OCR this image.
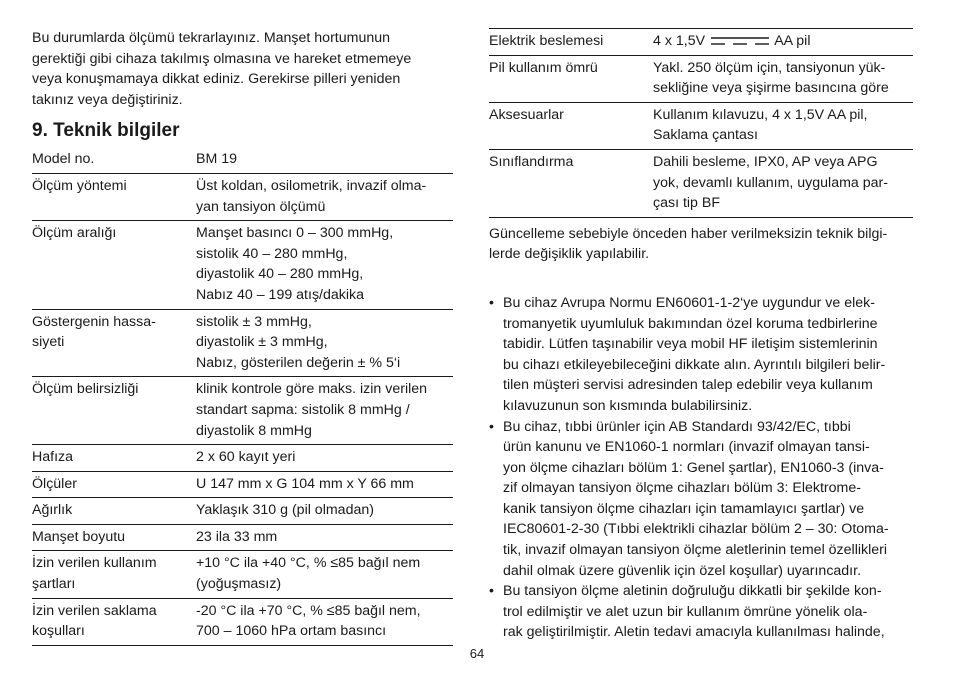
Bu durumlarda ölçümü tekrarlayınız. Manşet hortumunun

gerektiği gibi cihaza takılmış olmasına ve hareket etmemeye

veya konuşmamaya dikkat ediniz. Gerekirse pilleri yeniden

takınız veya değiştiriniz.

9. Teknik bilgiler
Model no.	BM 19

Ölçüm yöntemi	Üst koldan, osilometrik, invazif olma-
yan tansiyon ölçümü

Ölçüm aralığı	Manşet basıncı 0 – 300 mmHg,
sistolik 40 – 280 mmHg,
diyastolik 40 – 280 mmHg,
Nabız 40 – 199 atış/dakika

Göstergenin hassa-
siyeti	sistolik ± 3 mmHg,
diyastolik ± 3 mmHg,
Nabız, gösterilen değerin ± % 5‘i

Ölçüm belirsizliği	klinik kontrole göre maks. izin verilen
standart sapma: sistolik 8 mmHg /
diyastolik 8 mmHg

Hafıza	2 x 60 kayıt yeri

Ölçüler	U 147 mm x G 104 mm x Y 66 mm

Ağırlık	Yaklaşık 310 g (pil olmadan)

Manşet boyutu	23 ila 33 mm

İzin verilen kullanım
şartları	+10 °C ila +40 °C, % ≤85 bağıl nem
(yoğuşmasız)

İzin verilen saklama
koşulları	-20 °C ila +70 °C, % ≤85 bağıl nem,
700 – 1060 hPa ortam basıncı
Elektrik beslemesi	4 x 1,5V AA pil

Pil kullanım ömrü	Yakl. 250 ölçüm için, tansiyonun yük-
sekliğine veya şişirme basıncına göre

Aksesuarlar	Kullanım kılavuzu, 4 x 1,5V AA pil,
Saklama çantası

Sınıflandırma	Dahili besleme, IPX0, AP veya APG
yok, devamlı kullanım, uygulama par-
çası tip BF

Güncelleme sebebiyle önceden haber verilmeksizin teknik bilgi-

lerde değişiklik yapılabilir.

• Bu cihaz Avrupa Normu EN60601-1-2‘ye uygundur ve elek-
tromanyetik uyumluluk bakımından özel koruma tedbirlerine
tabidir. Lütfen taşınabilir veya mobil HF iletişim sistemlerinin
bu cihazı etkileyebileceğini dikkate alın. Ayrıntılı bilgileri belir-
tilen müşteri servisi adresinden talep edebilir veya kullanım
kılavuzunun son kısmında bulabilirsiniz.
• Bu cihaz, tıbbi ürünler için AB Standardı 93/42/EC, tıbbi
ürün kanunu ve EN1060-1 normları (invazif olmayan tansi-
yon ölçme cihazları bölüm 1: Genel şartlar), EN1060-3 (inva-
zif olmayan tansiyon ölçme cihazları bölüm 3: Elektrome-
kanik tansiyon ölçme cihazları için tamamlayıcı şartlar) ve
IEC80601-2-30 (Tıbbi elektrikli cihazlar bölüm 2 – 30: Otoma-
tik, invazif olmayan tansiyon ölçme aletlerinin temel özellikleri
dahil olmak üzere güvenlik için özel koşullar) uyarıncadır.
• Bu tansiyon ölçme aletinin doğruluğu dikkatli bir şekilde kon-
trol edilmiştir ve alet uzun bir kullanım ömrüne yönelik ola-
rak geliştirilmiştir. Aletin tedavi amacıyla kullanılması halinde,
64
